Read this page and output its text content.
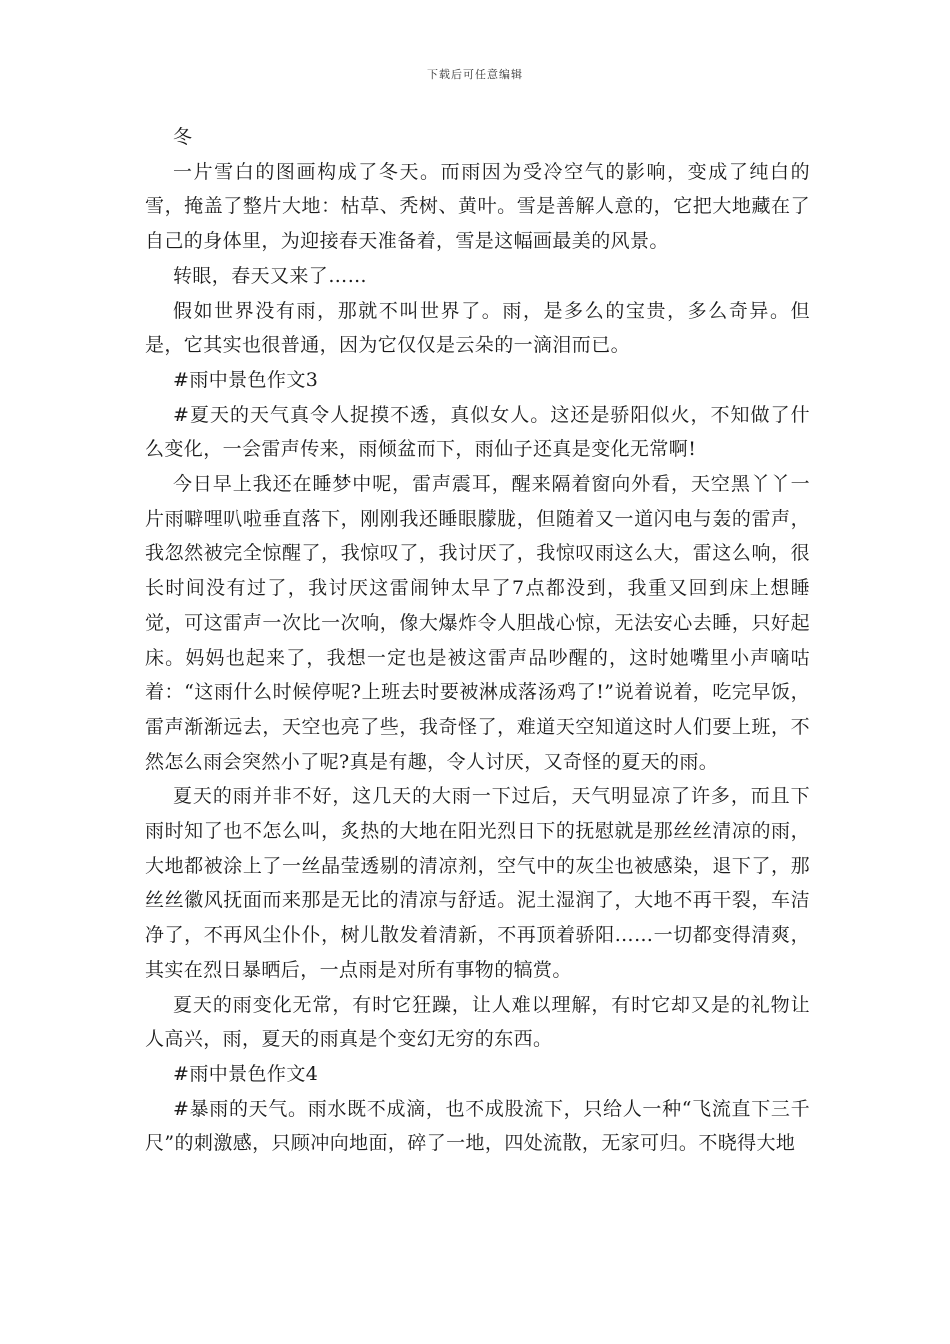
下载后可任意编辑

冬

一片雪白的图画构成了冬天。而雨因为受冷空气的影响，变成了纯白的雪，掩盖了整片大地：枯草、秃树、黄叶。雪是善解人意的，它把大地藏在了自己的身体里，为迎接春天准备着，雪是这幅画最美的风景。

转眼，春天又来了……

假如世界没有雨，那就不叫世界了。雨，是多么的宝贵，多么奇异。但是，它其实也很普通，因为它仅仅是云朵的一滴泪而已。

#雨中景色作文3

#夏天的天气真令人捉摸不透，真似女人。这还是骄阳似火，不知做了什么变化，一会雷声传来，雨倾盆而下，雨仙子还真是变化无常啊!

今日早上我还在睡梦中呢，雷声震耳，醒来隔着窗向外看，天空黑丫丫一片雨噼哩叭啦垂直落下，刚刚我还睡眼朦胧，但随着又一道闪电与轰的雷声，我忽然被完全惊醒了，我惊叹了，我讨厌了，我惊叹雨这么大，雷这么响，很长时间没有过了，我讨厌这雷闹钟太早了7点都没到，我重又回到床上想睡觉，可这雷声一次比一次响，像大爆炸令人胆战心惊，无法安心去睡，只好起床。妈妈也起来了，我想一定也是被这雷声品吵醒的，这时她嘴里小声嘀咕着：“这雨什么时候停呢?上班去时要被淋成落汤鸡了!”说着说着，吃完早饭，雷声渐渐远去，天空也亮了些，我奇怪了，难道天空知道这时人们要上班，不然怎么雨会突然小了呢?真是有趣，令人讨厌，又奇怪的夏天的雨。

夏天的雨并非不好，这几天的大雨一下过后，天气明显凉了许多，而且下雨时知了也不怎么叫，炙热的大地在阳光烈日下的抚慰就是那丝丝清凉的雨，大地都被涂上了一丝晶莹透剔的清凉剂，空气中的灰尘也被感染，退下了，那丝丝徽风抚面而来那是无比的清凉与舒适。泥土湿润了，大地不再干裂，车洁净了，不再风尘仆仆，树儿散发着清新，不再顶着骄阳……一切都变得清爽，其实在烈日暴晒后，一点雨是对所有事物的犒赏。

夏天的雨变化无常，有时它狂躁，让人难以理解，有时它却又是的礼物让人高兴，雨，夏天的雨真是个变幻无穷的东西。

#雨中景色作文4

#暴雨的天气。雨水既不成滴，也不成股流下，只给人一种“飞流直下三千尺”的刺激感，只顾冲向地面，碎了一地，四处流散，无家可归。不晓得大地
